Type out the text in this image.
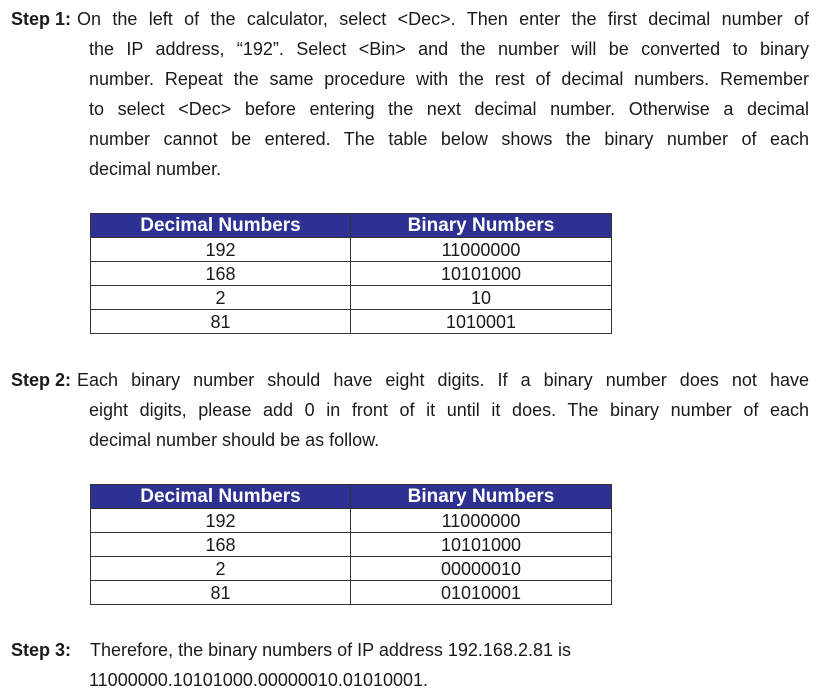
Step 1: On the left of the calculator, select <Dec>. Then enter the first decimal number of
the IP address, “192”. Select <Bin> and the number will be converted to binary
number. Repeat the same procedure with the rest of decimal numbers. Remember
to select <Dec> before entering the next decimal number. Otherwise a decimal
number cannot be entered. The table below shows the binary number of each
decimal number.
Decimal Numbers	Binary Numbers
192	11000000
168	10101000
2	10
81	1010001
Step 2: Each binary number should have eight digits. If a binary number does not have
eight digits, please add 0 in front of it until it does. The binary number of each
decimal number should be as follow.
Decimal Numbers	Binary Numbers
192	11000000
168	10101000
2	00000010
81	01010001
Step 3: Therefore, the binary numbers of IP address 192.168.2.81 is
11000000.10101000.00000010.01010001.
